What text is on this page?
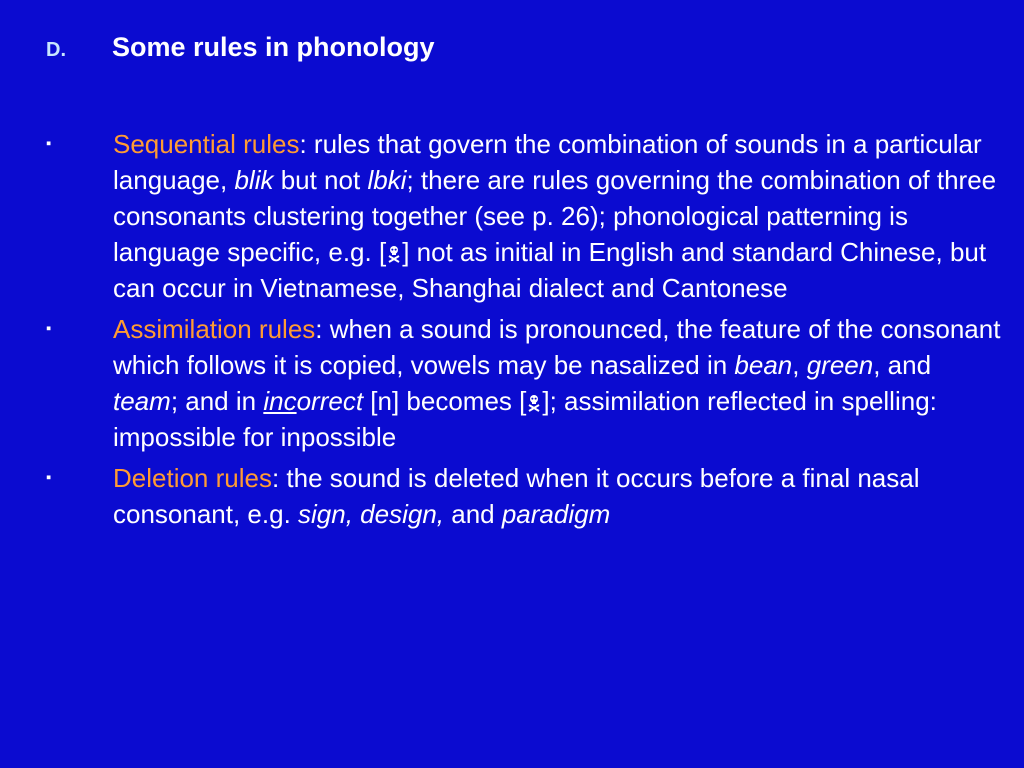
D.	Some rules in phonology
▪	Sequential rules: rules that govern the combination of sounds in a particular language, blik but not lbki; there are rules governing the combination of three consonants clustering together (see p. 26); phonological patterning is language specific, e.g. [ ] not as initial in English and standard Chinese, but can occur in Vietnamese, Shanghai dialect and Cantonese
▪	Assimilation rules: when a sound is pronounced, the feature of the consonant which follows it is copied, vowels may be nasalized in bean, green, and team; and in incorrect [n] becomes [ ]; assimilation reflected in spelling: impossible for inpossible
▪	Deletion rules: the sound is deleted when it occurs before a final nasal consonant, e.g. sign, design, and paradigm
